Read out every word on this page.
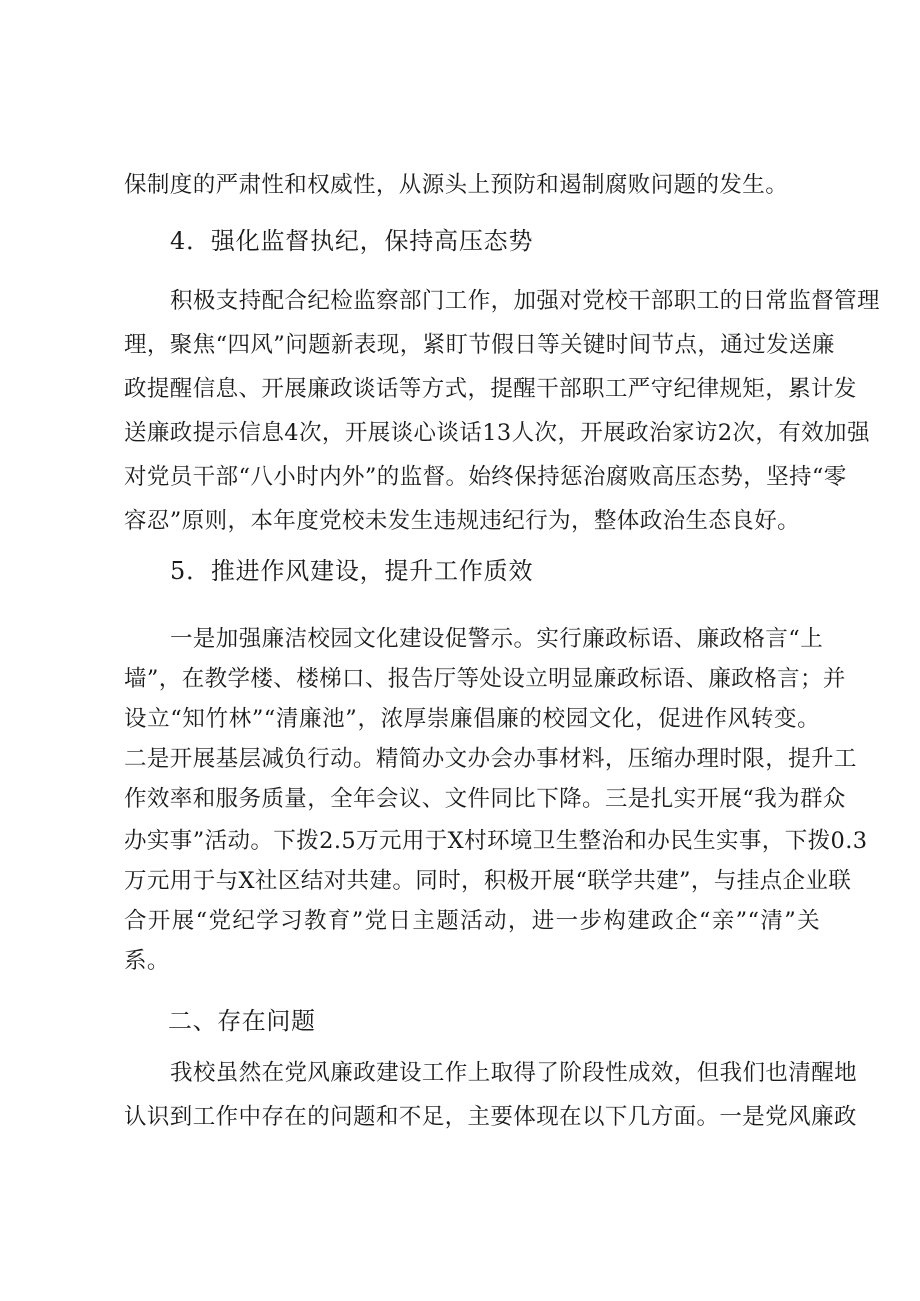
保制度的严肃性和权威性，从源头上预防和遏制腐败问题的发生。
4．强化监督执纪，保持高压态势
积极支持配合纪检监察部门工作，加强对党校干部职工的日常监督管理
理，聚焦“四风”问题新表现，紧盯节假日等关键时间节点，通过发送廉
政提醒信息、开展廉政谈话等方式，提醒干部职工严守纪律规矩，累计发
送廉政提示信息4次，开展谈心谈话13人次，开展政治家访2次，有效加强
对党员干部“八小时内外”的监督。始终保持惩治腐败高压态势，坚持“零
容忍”原则，本年度党校未发生违规违纪行为，整体政治生态良好。
5．推进作风建设，提升工作质效
一是加强廉洁校园文化建设促警示。实行廉政标语、廉政格言“上
墙”，在教学楼、楼梯口、报告厅等处设立明显廉政标语、廉政格言；并
设立“知竹林”“清廉池”，浓厚崇廉倡廉的校园文化，促进作风转变。
二是开展基层减负行动。精简办文办会办事材料，压缩办理时限，提升工
作效率和服务质量，全年会议、文件同比下降。三是扎实开展“我为群众
办实事”活动。下拨2.5万元用于X村环境卫生整治和办民生实事，下拨0.3
万元用于与X社区结对共建。同时，积极开展“联学共建”，与挂点企业联
合开展“党纪学习教育”党日主题活动，进一步构建政企“亲”“清”关
系。
二、存在问题
我校虽然在党风廉政建设工作上取得了阶段性成效，但我们也清醒地
认识到工作中存在的问题和不足，主要体现在以下几方面。一是党风廉政
